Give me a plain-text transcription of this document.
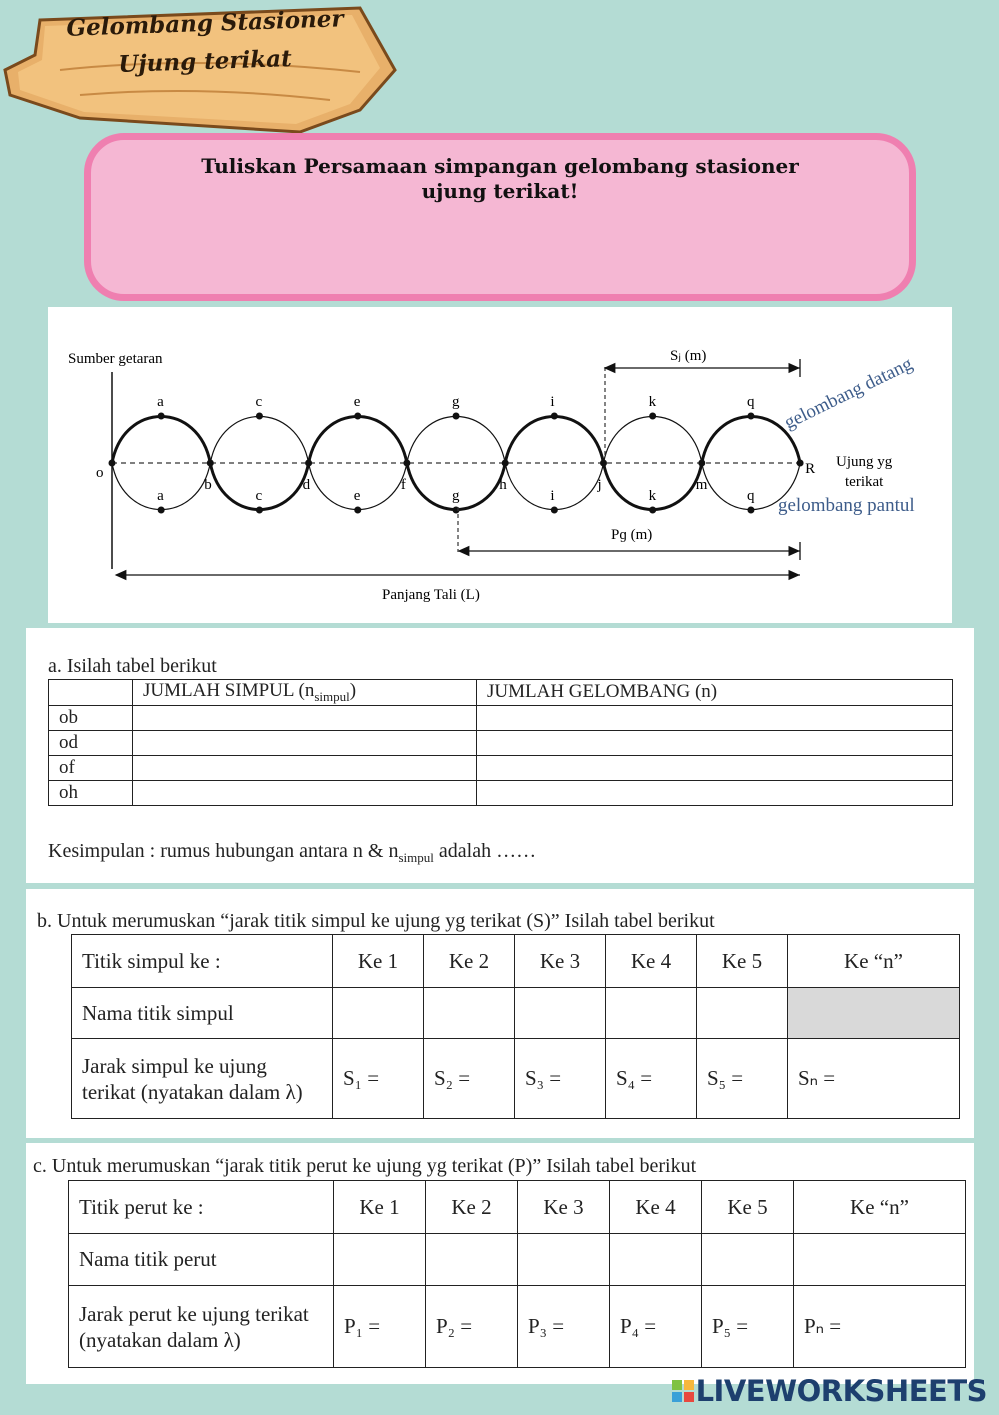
Gelombang Stasioner
Ujung terikat
Tuliskan Persamaan simpangan gelombang stasioner
ujung terikat!
Sumber getaran
a
a
c
c
e
e
g
g
i
i
k
k
q
q
b	d	f	h	j	m
o	R
Sⱼ (m)
Pɡ (m)
Panjang Tali (L)
Ujung yg
terikat
gelombang datang
gelombang pantul
a. Isilah tabel berikut
	JUMLAH SIMPUL $(n_{simpul})$	JUMLAH GELOMBANG (n)
ob		
od		
of		
oh		
Kesimpulan : rumus hubungan antara n & $n_{simpul}$ adalah ……
b. Untuk merumuskan “jarak titik simpul ke ujung yg terikat (S)” Isilah tabel berikut
Titik simpul ke :	Ke 1	Ke 2	Ke 3	Ke 4	Ke 5	Ke “n”
Nama titik simpul						
Jarak simpul ke ujung terikat (nyatakan dalam λ)	S₁ =	S₂ =	S₃ =	S₄ =	S₅ =	Sₙ =
c. Untuk merumuskan “jarak titik perut ke ujung yg terikat (P)” Isilah tabel berikut
Titik perut ke :	Ke 1	Ke 2	Ke 3	Ke 4	Ke 5	Ke “n”
Nama titik perut						
Jarak perut ke ujung terikat (nyatakan dalam λ)	P₁ =	P₂ =	P₃ =	P₄ =	P₅ =	Pₙ =
LIVEWORKSHEETS
